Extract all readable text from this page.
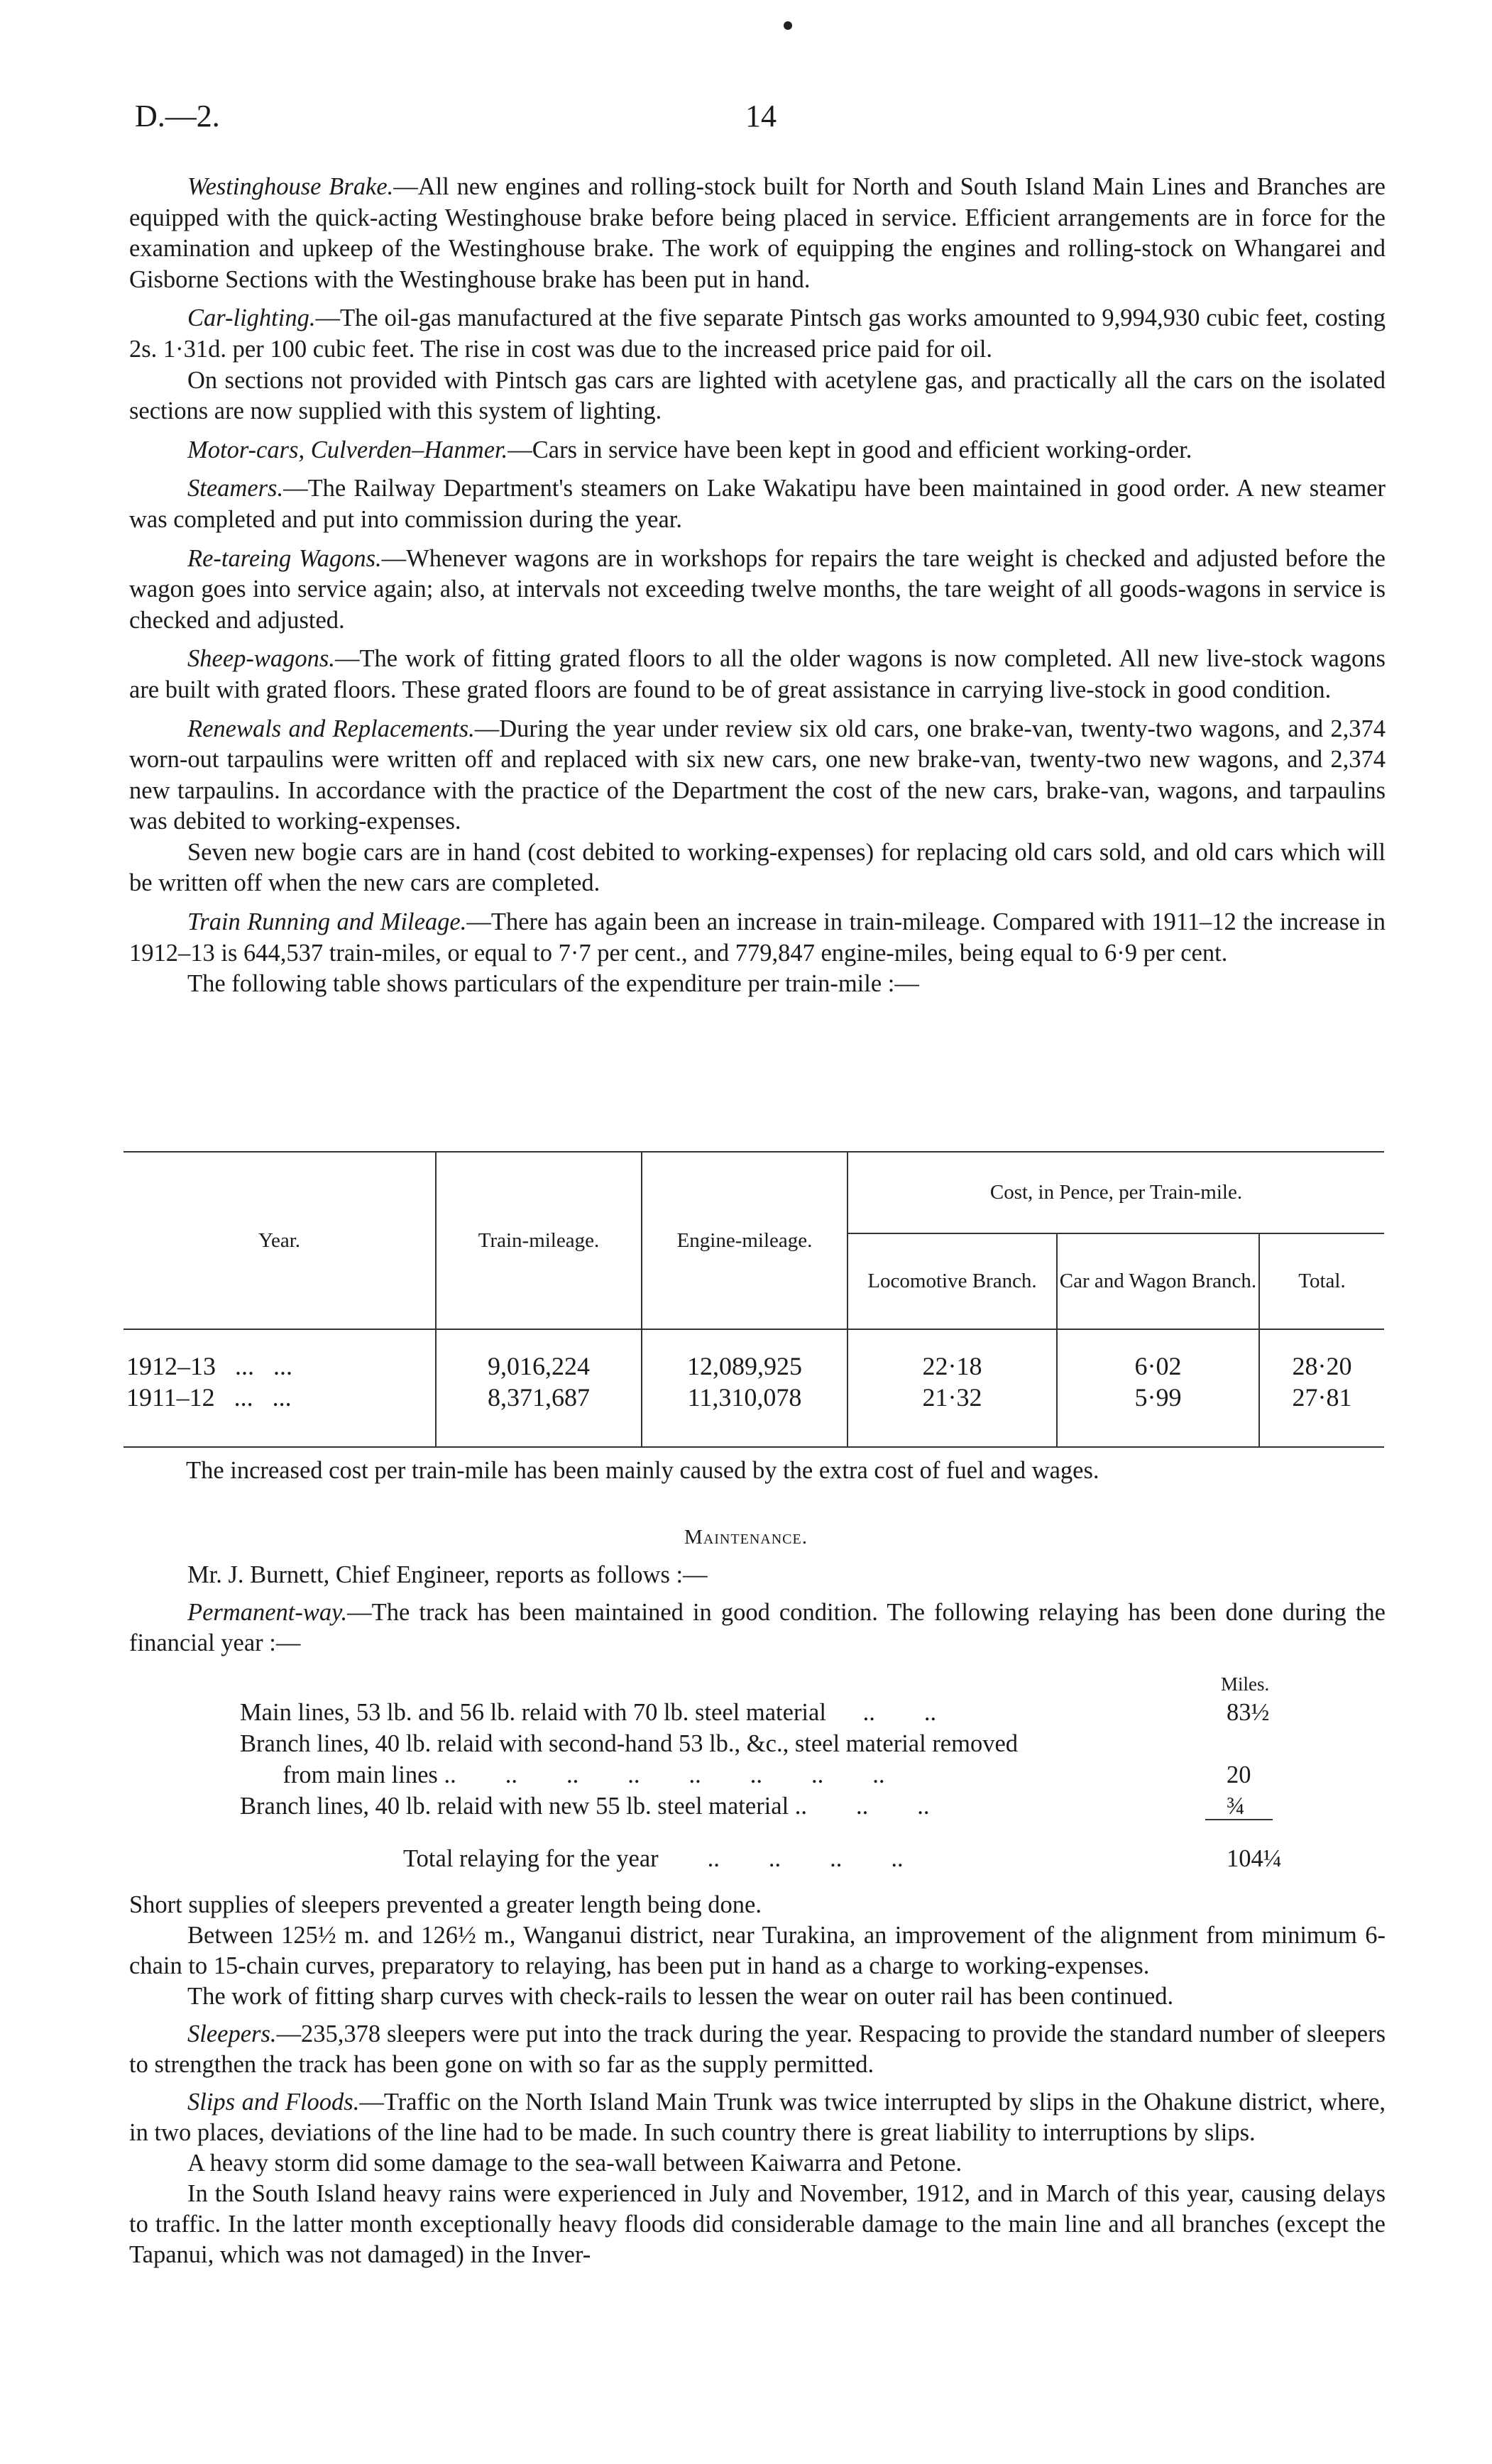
D.—2.	14

Westinghouse Brake.—All new engines and rolling-stock built for North and South Island Main Lines and Branches are equipped with the quick-acting Westinghouse brake before being placed in service. Efficient arrangements are in force for the examination and upkeep of the Westinghouse brake. The work of equipping the engines and rolling-stock on Whangarei and Gisborne Sections with the Westinghouse brake has been put in hand.

Car-lighting.—The oil-gas manufactured at the five separate Pintsch gas works amounted to 9,994,930 cubic feet, costing 2s. 1·31d. per 100 cubic feet. The rise in cost was due to the increased price paid for oil.

On sections not provided with Pintsch gas cars are lighted with acetylene gas, and practically all the cars on the isolated sections are now supplied with this system of lighting.

Motor-cars, Culverden–Hanmer.—Cars in service have been kept in good and efficient working-order.

Steamers.—The Railway Department's steamers on Lake Wakatipu have been maintained in good order. A new steamer was completed and put into commission during the year.

Re-tareing Wagons.—Whenever wagons are in workshops for repairs the tare weight is checked and adjusted before the wagon goes into service again; also, at intervals not exceeding twelve months, the tare weight of all goods-wagons in service is checked and adjusted.

Sheep-wagons.—The work of fitting grated floors to all the older wagons is now completed. All new live-stock wagons are built with grated floors. These grated floors are found to be of great assistance in carrying live-stock in good condition.

Renewals and Replacements.—During the year under review six old cars, one brake-van, twenty-two wagons, and 2,374 worn-out tarpaulins were written off and replaced with six new cars, one new brake-van, twenty-two new wagons, and 2,374 new tarpaulins. In accordance with the practice of the Department the cost of the new cars, brake-van, wagons, and tarpaulins was debited to working-expenses.

Seven new bogie cars are in hand (cost debited to working-expenses) for replacing old cars sold, and old cars which will be written off when the new cars are completed.

Train Running and Mileage.—There has again been an increase in train-mileage. Compared with 1911–12 the increase in 1912–13 is 644,537 train-miles, or equal to 7·7 per cent., and 779,847 engine-miles, being equal to 6·9 per cent.

The following table shows particulars of the expenditure per train-mile :—

Year.	Train-mileage.	Engine-mileage.	Cost, in Pence, per Train-mile.		
			Locomotive Branch.	Car and Wagon Branch.	Total.

1912–13   ...   ...	9,016,224	12,089,925	22·18	6·02	28·20
1911–12   ...   ...	8,371,687	11,310,078	21·32	5·99	27·81

The increased cost per train-mile has been mainly caused by the extra cost of fuel and wages.
Maintenance.

Mr. J. Burnett, Chief Engineer, reports as follows :—

Permanent-way.—The track has been maintained in good condition. The following relaying has been done during the financial year :—

Miles.
Main lines, 53 lb. and 56 lb. relaid with 70 lb. steel material      ..        ..	83½
Branch lines, 40 lb. relaid with second-hand 53 lb., &c., steel material removed
from main lines ..        ..        ..        ..        ..        ..        ..        ..	20
Branch lines, 40 lb. relaid with new 55 lb. steel material ..        ..        ..	¾
Total relaying for the year        ..        ..        ..        ..	104¼

Short supplies of sleepers prevented a greater length being done.

Between 125½ m. and 126½ m., Wanganui district, near Turakina, an improvement of the alignment from minimum 6-chain to 15-chain curves, preparatory to relaying, has been put in hand as a charge to working-expenses.

The work of fitting sharp curves with check-rails to lessen the wear on outer rail has been continued.

Sleepers.—235,378 sleepers were put into the track during the year. Respacing to provide the standard number of sleepers to strengthen the track has been gone on with so far as the supply permitted.

Slips and Floods.—Traffic on the North Island Main Trunk was twice interrupted by slips in the Ohakune district, where, in two places, deviations of the line had to be made. In such country there is great liability to interruptions by slips.

A heavy storm did some damage to the sea-wall between Kaiwarra and Petone.

In the South Island heavy rains were experienced in July and November, 1912, and in March of this year, causing delays to traffic. In the latter month exceptionally heavy floods did considerable damage to the main line and all branches (except the Tapanui, which was not damaged) in the Inver-
